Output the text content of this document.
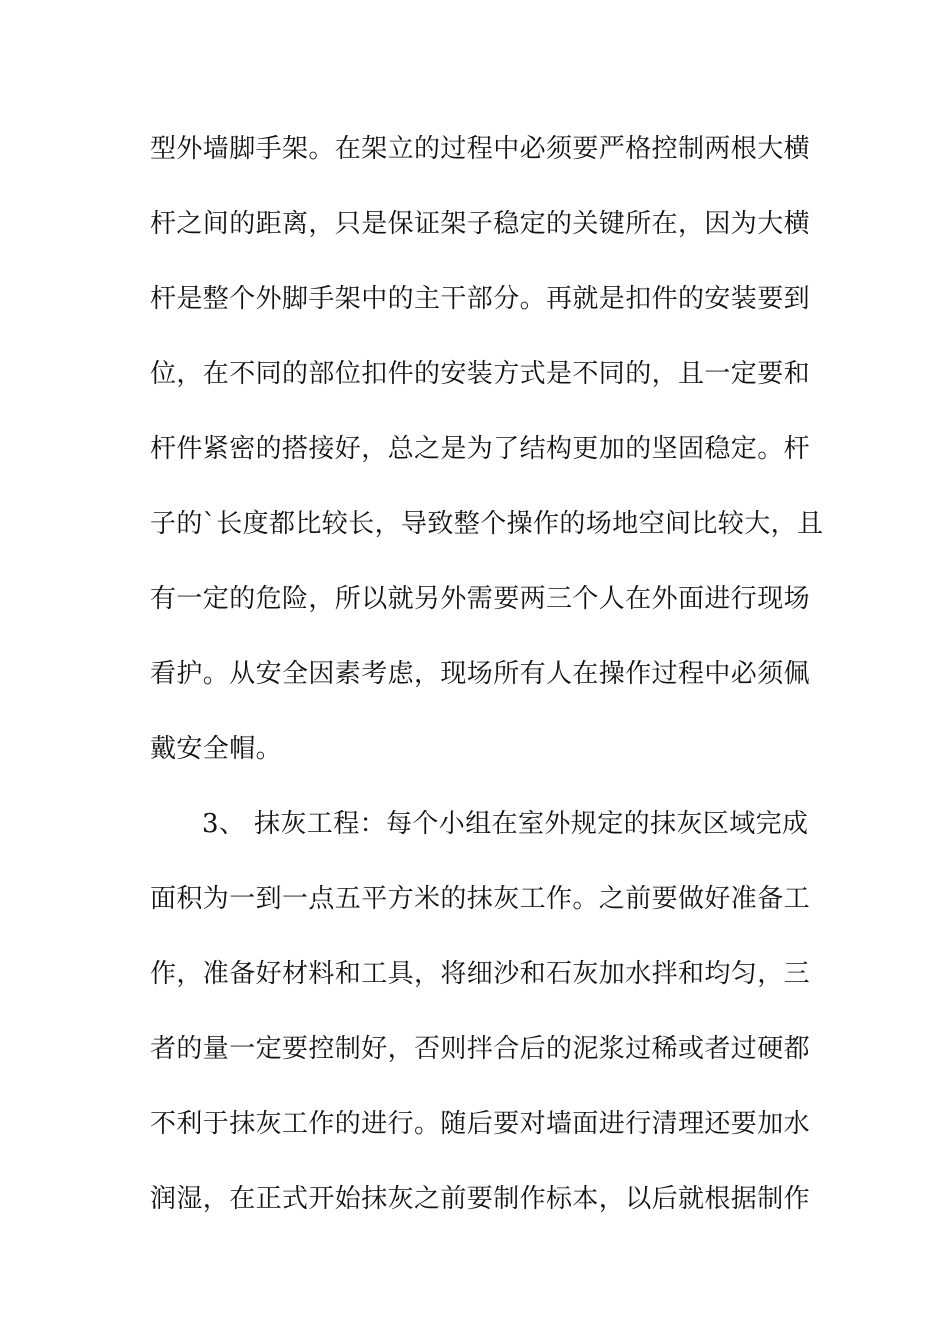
型外墙脚手架。在架立的过程中必须要严格控制两根大横
杆之间的距离，只是保证架子稳定的关键所在，因为大横
杆是整个外脚手架中的主干部分。再就是扣件的安装要到
位，在不同的部位扣件的安装方式是不同的，且一定要和
杆件紧密的搭接好，总之是为了结构更加的坚固稳定。杆
子的`长度都比较长，导致整个操作的场地空间比较大，且
有一定的危险，所以就另外需要两三个人在外面进行现场
看护。从安全因素考虑，现场所有人在操作过程中必须佩
戴安全帽。
3、 抹灰工程：每个小组在室外规定的抹灰区域完成
面积为一到一点五平方米的抹灰工作。之前要做好准备工
作，准备好材料和工具，将细沙和石灰加水拌和均匀，三
者的量一定要控制好，否则拌合后的泥浆过稀或者过硬都
不利于抹灰工作的进行。随后要对墙面进行清理还要加水
润湿，在正式开始抹灰之前要制作标本，以后就根据制作
